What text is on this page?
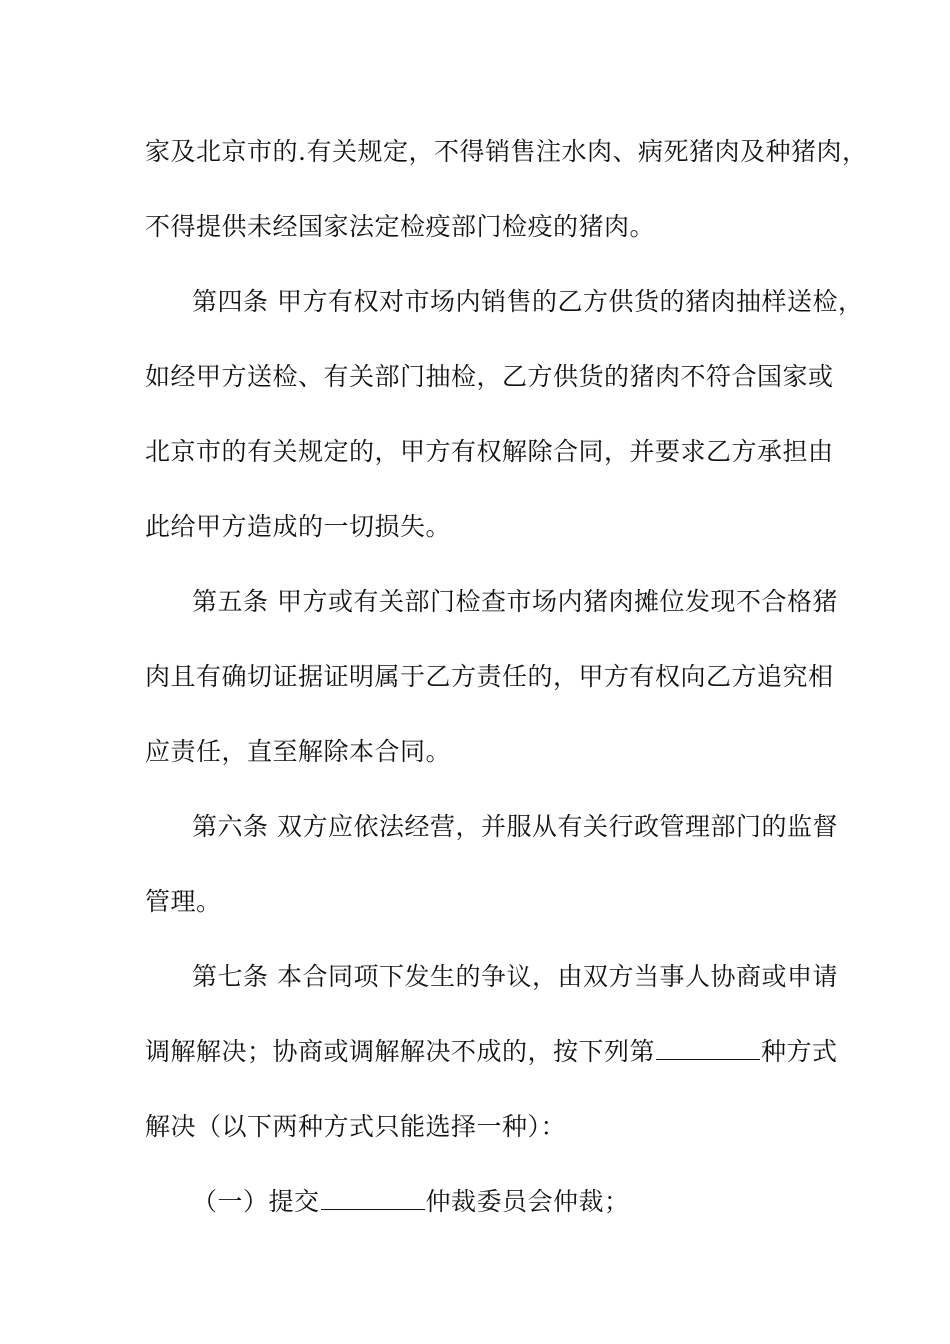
家及北京市的.有关规定，不得销售注水肉、病死猪肉及种猪肉，
不得提供未经国家法定检疫部门检疫的猪肉。
第四条 甲方有权对市场内销售的乙方供货的猪肉抽样送检，
如经甲方送检、有关部门抽检，乙方供货的猪肉不符合国家或
北京市的有关规定的，甲方有权解除合同，并要求乙方承担由
此给甲方造成的一切损失。
第五条 甲方或有关部门检查市场内猪肉摊位发现不合格猪
肉且有确切证据证明属于乙方责任的，甲方有权向乙方追究相
应责任，直至解除本合同。
第六条 双方应依法经营，并服从有关行政管理部门的监督
管理。
第七条 本合同项下发生的争议，由双方当事人协商或申请
调解解决；协商或调解解决不成的，按下列第	种方式
解决（以下两种方式只能选择一种）：
（一）提交	仲裁委员会仲裁；
